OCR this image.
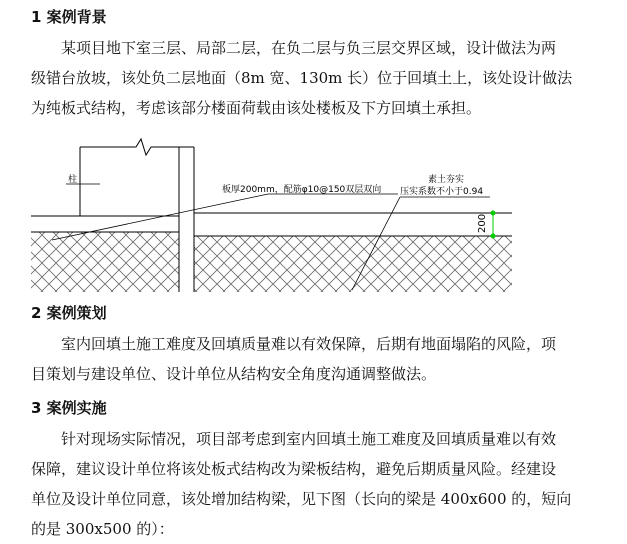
1 案例背景
某项目地下室三层、局部二层，在负二层与负三层交界区域，设计做法为两
级错台放坡，该处负二层地面（8m 宽、130m 长）位于回填土上，该处设计做法
为纯板式结构，考虑该部分楼面荷载由该处楼板及下方回填土承担。
200
柱
板厚200mm，配筋φ10@150双层双向
素土夯实
压实系数不小于0.94
2 案例策划
室内回填土施工难度及回填质量难以有效保障，后期有地面塌陷的风险，项
目策划与建设单位、设计单位从结构安全角度沟通调整做法。
3 案例实施
针对现场实际情况，项目部考虑到室内回填土施工难度及回填质量难以有效
保障，建议设计单位将该处板式结构改为梁板结构，避免后期质量风险。经建设
单位及设计单位同意，该处增加结构梁，见下图（长向的梁是 400x600 的，短向
的是 300x500 的）：
